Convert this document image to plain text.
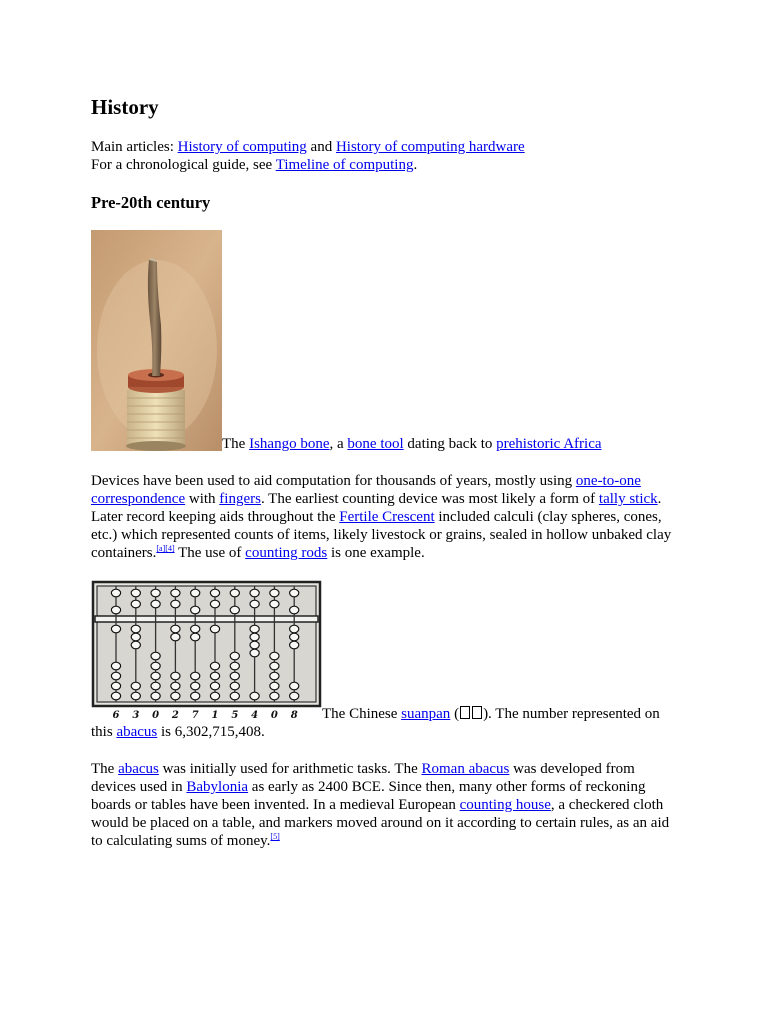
History
Main articles: History of computing and History of computing hardware
For a chronological guide, see Timeline of computing.
Pre-20th century
The Ishango bone, a bone tool dating back to prehistoric Africa

Devices have been used to aid computation for thousands of years, mostly using one-to-one correspondence with fingers. The earliest counting device was most likely a form of tally stick. Later record keeping aids throughout the Fertile Crescent included calculi (clay spheres, cones, etc.) which represented counts of items, likely livestock or grains, sealed in hollow unbaked clay containers.[a][4] The use of counting rods is one example.

6 3 0 2 7 1 5 4 0 8 The Chinese suanpan ( ). The number represented on
this abacus is 6,302,715,408.

The abacus was initially used for arithmetic tasks. The Roman abacus was developed from devices used in Babylonia as early as 2400 BCE. Since then, many other forms of reckoning boards or tables have been invented. In a medieval European counting house, a checkered cloth would be placed on a table, and markers moved around on it according to certain rules, as an aid to calculating sums of money.[5]
